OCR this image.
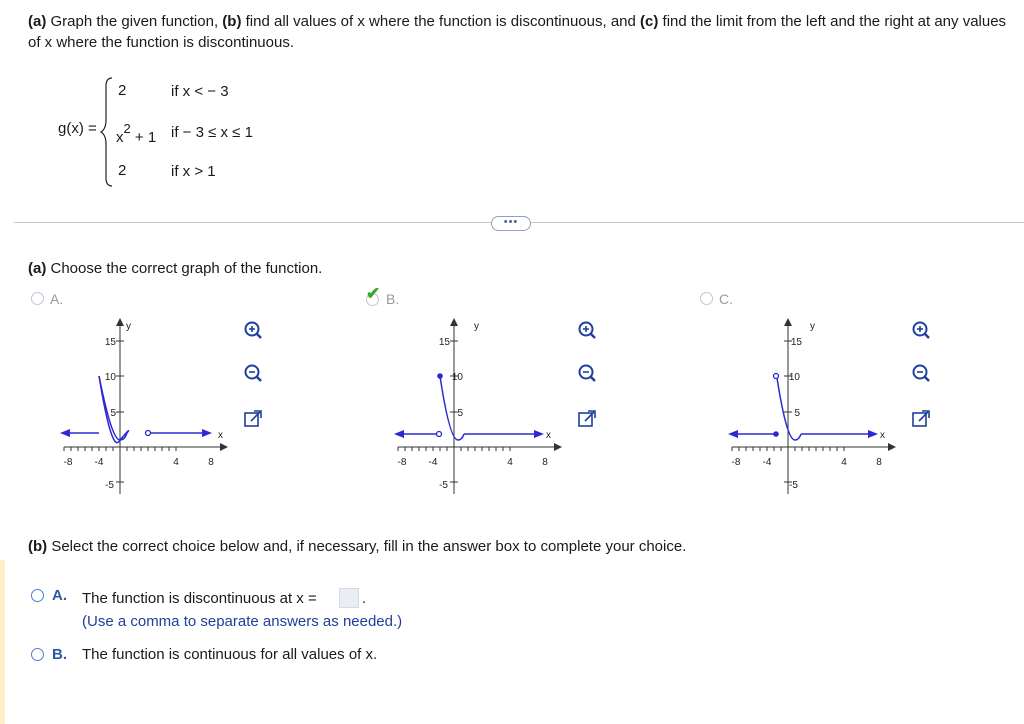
(a) Graph the given function, (b) find all values of x where the function is discontinuous, and (c) find the limit from the left and the right at any values of x where the function is discontinuous.
g(x) =
2	if x < − 3
$x^2 + 1$ if − 3 ≤ x ≤ 1
2	if x > 1
•••
(a) Choose the correct graph of the function.
A.	✔ B.	C.
-8 -4	4	8
15
10
5
-5
x
y
-8 -4	4	8
15
10
5
-5
x
y
-8 -4	4	8
15
10
5
-5
x
y
(b) Select the correct choice below and, if necessary, fill in the answer box to complete your choice.
A. The function is discontinuous at x =	.
(Use a comma to separate answers as needed.)
B. The function is continuous for all values of x.
